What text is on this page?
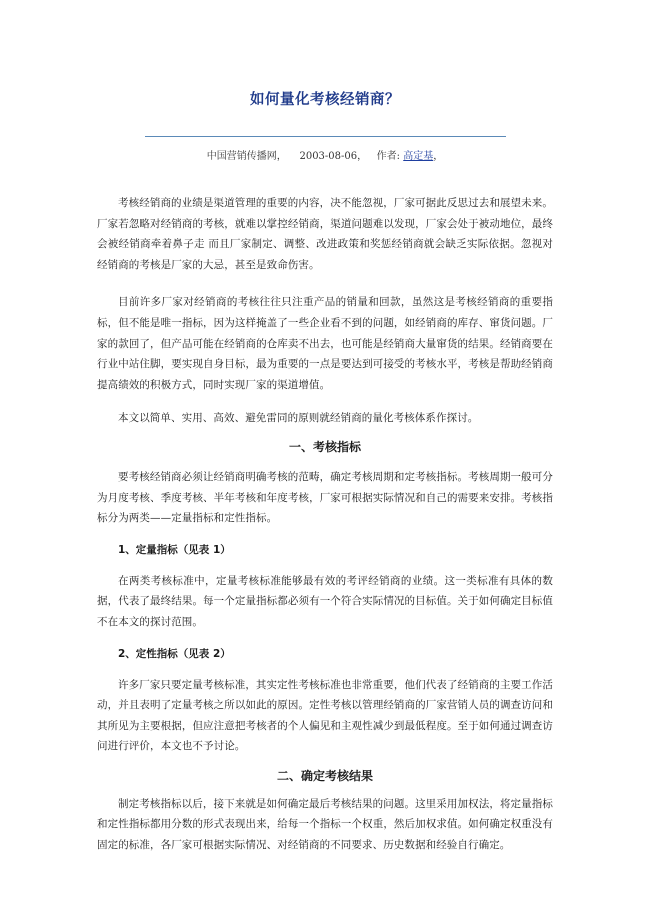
如何量化考核经销商？
中国营销传播网， 2003-08-06， 作者: 高定基，

考核经销商的业绩是渠道管理的重要的内容，决不能忽视，厂家可据此反思过去和展望未来。厂家若忽略对经销商的考核，就难以掌控经销商，渠道问题难以发现，厂家会处于被动地位，最终会被经销商牵着鼻子走 而且厂家制定、调整、改进政策和奖惩经销商就会缺乏实际依据。忽视对经销商的考核是厂家的大忌，甚至是致命伤害。

目前许多厂家对经销商的考核往往只注重产品的销量和回款，虽然这是考核经销商的重要指标，但不能是唯一指标，因为这样掩盖了一些企业看不到的问题，如经销商的库存、窜货问题。厂家的款回了，但产品可能在经销商的仓库卖不出去，也可能是经销商大量窜货的结果。经销商要在行业中站住脚，要实现自身目标，最为重要的一点是要达到可接受的考核水平，考核是帮助经销商提高绩效的积极方式，同时实现厂家的渠道增值。

本文以简单、实用、高效、避免雷同的原则就经销商的量化考核体系作探讨。

一、考核指标

要考核经销商必须让经销商明确考核的范畴，确定考核周期和定考核指标。考核周期一般可分为月度考核、季度考核、半年考核和年度考核，厂家可根据实际情况和自己的需要来安排。考核指标分为两类——定量指标和定性指标。

1、定量指标（见表 1）

在两类考核标准中，定量考核标准能够最有效的考评经销商的业绩。这一类标准有具体的数据，代表了最终结果。每一个定量指标都必须有一个符合实际情况的目标值。关于如何确定目标值不在本文的探讨范围。

2、定性指标（见表 2）

许多厂家只要定量考核标准，其实定性考核标准也非常重要，他们代表了经销商的主要工作活动，并且表明了定量考核之所以如此的原因。定性考核以管理经销商的厂家营销人员的调查访问和其所见为主要根据，但应注意把考核者的个人偏见和主观性减少到最低程度。至于如何通过调查访问进行评价，本文也不予讨论。

二、确定考核结果

制定考核指标以后，接下来就是如何确定最后考核结果的问题。这里采用加权法，将定量指标和定性指标都用分数的形式表现出来，给每一个指标一个权重，然后加权求值。如何确定权重没有固定的标准，各厂家可根据实际情况、对经销商的不同要求、历史数据和经验自行确定。
